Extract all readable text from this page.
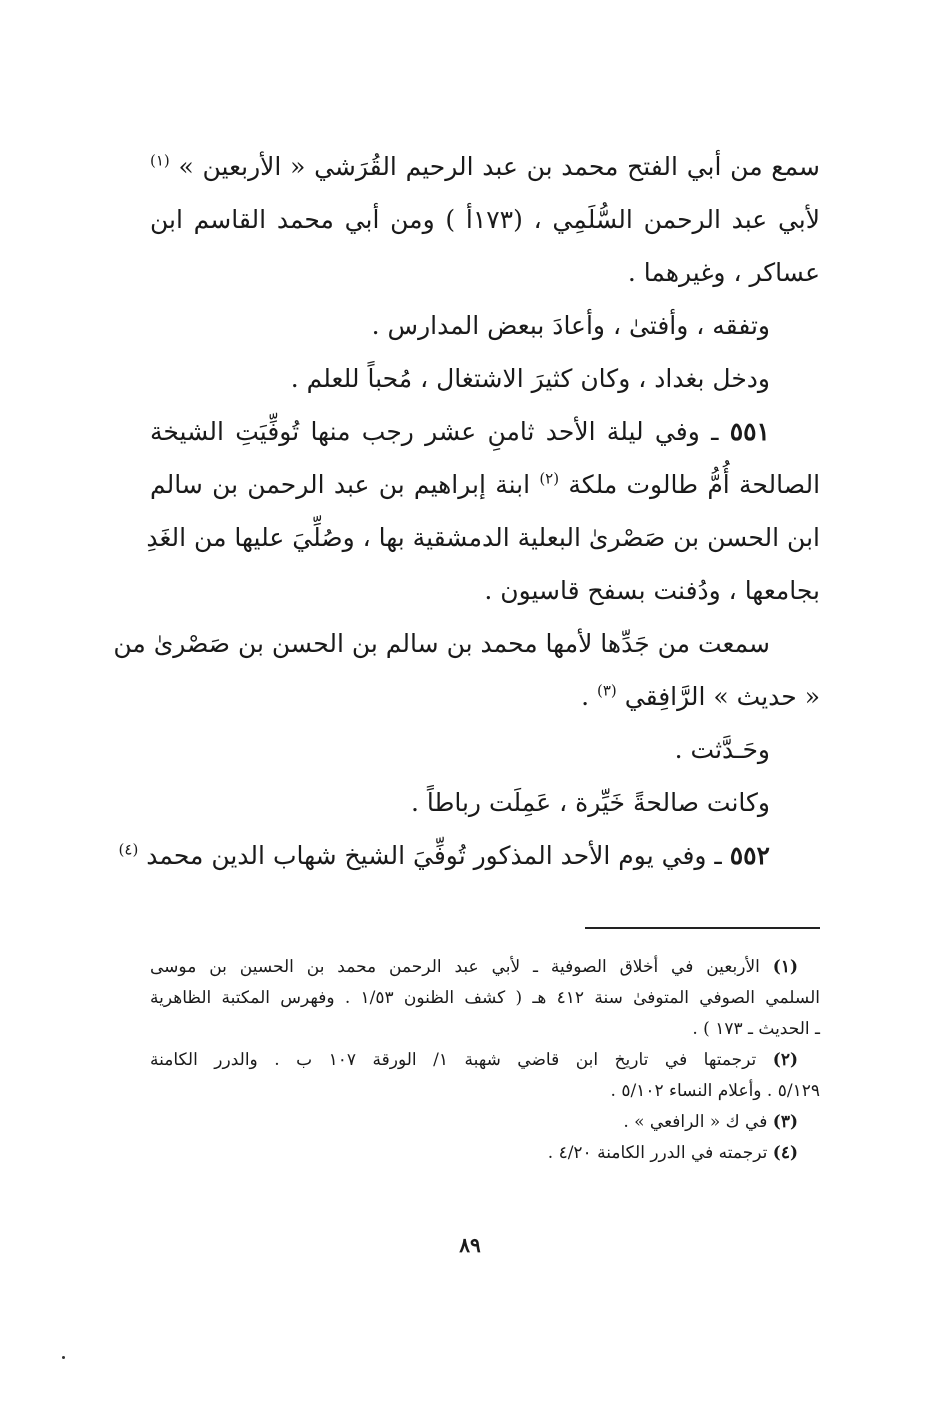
سمع من أبي الفتح محمد بن عبد الرحيم القُرَشي « الأربعين » $^{(١)}$
لأبي عبد الرحمن السُّلَمِي ، (١٧٣أ ) ومن أبي محمد القاسم ابن
عساكر ، وغيرهما .
وتفقه ، وأفتىٰ ، وأعادَ ببعض المدارس .
ودخل بغداد ، وكان كثيرَ الاشتغال ، مُحباً للعلم .
٥٥١ ـ وفي ليلة الأحد ثامنِ عشر رجب منها تُوفِّيَتِ الشيخة
الصالحة أُمُّ طالوت ملكة $^{(٢)}$ ابنة إبراهيم بن عبد الرحمن بن سالم
ابن الحسن بن صَصْرىٰ البعلية الدمشقية بها ، وصُلِّيَ عليها من الغَدِ
بجامعها ، ودُفنت بسفح قاسيون .
سمعت من جَدِّها لأمها محمد بن سالم بن الحسن بن صَصْرىٰ من
« حديث » الرَّافِقي $^{(٣)}$ .
وحَـدَّثت .
وكانت صالحةً خَيِّرة ، عَمِلَت رباطاً .
٥٥٢ ـ وفي يوم الأحد المذكور تُوفِّيَ الشيخ شهاب الدين محمد $^{(٤)}$
(١) الأربعين في أخلاق الصوفية ـ لأبي عبد الرحمن محمد بن الحسين بن موسى
السلمي الصوفي المتوفىٰ سنة ٤١٢ هـ ( كشف الظنون ١/٥٣ . وفهرس المكتبة الظاهرية
ـ الحديث ـ ١٧٣ ) .
(٢) ترجمتها في تاريخ ابن قاضي شهبة ١/ الورقة ١٠٧ ب . والدرر الكامنة
٥/١٢٩ . وأعلام النساء ٥/١٠٢ .
(٣) في ك « الرافعي » .
(٤) ترجمته في الدرر الكامنة ٤/٢٠ .
٨٩
